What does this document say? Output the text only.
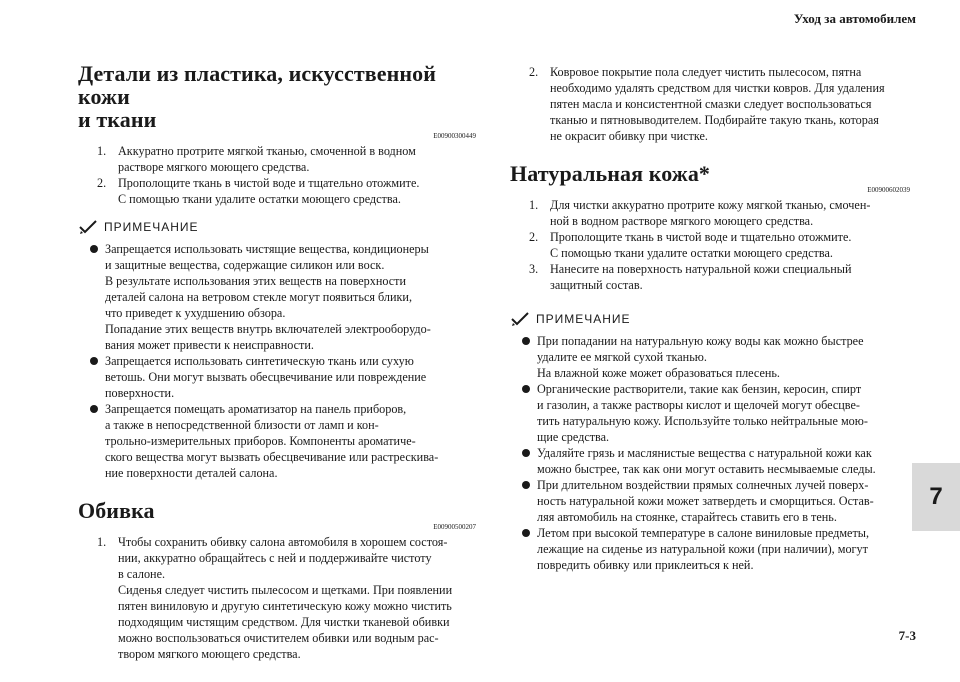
Уход за автомобилем
Детали из пластика, искусственной кожи
и ткани
E00900300449
1. Аккуратно протрите мягкой тканью, смоченной в водном
растворе мягкого моющего средства.
2. Прополощите ткань в чистой воде и тщательно отожмите.
С помощью ткани удалите остатки моющего средства.
ПРИМЕЧАНИЕ
Запрещается использовать чистящие вещества, кондиционеры
и защитные вещества, содержащие силикон или воск.
В результате использования этих веществ на поверхности
деталей салона на ветровом стекле могут появиться блики,
что приведет к ухудшению обзора.
Попадание этих веществ внутрь включателей электрооборудо-
вания может привести к неисправности.
Запрещается использовать синтетическую ткань или сухую
ветошь. Они могут вызвать обесцвечивание или повреждение
поверхности.
Запрещается помещать ароматизатор на панель приборов,
а также в непосредственной близости от ламп и кон-
трольно-измерительных приборов. Компоненты ароматиче-
ского вещества могут вызвать обесцвечивание или растрескива-
ние поверхности деталей салона.
Обивка
E00900500207
1. Чтобы сохранить обивку салона автомобиля в хорошем состоя-
нии, аккуратно обращайтесь с ней и поддерживайте чистоту
в салоне.
Сиденья следует чистить пылесосом и щетками. При появлении
пятен виниловую и другую синтетическую кожу можно чистить
подходящим чистящим средством. Для чистки тканевой обивки
можно воспользоваться очистителем обивки или водным рас-
твором мягкого моющего средства.
2. Ковровое покрытие пола следует чистить пылесосом, пятна
необходимо удалять средством для чистки ковров. Для удаления
пятен масла и консистентной смазки следует воспользоваться
тканью и пятновыводителем. Подбирайте такую ткань, которая
не окрасит обивку при чистке.
Натуральная кожа*
E00900602039
1. Для чистки аккуратно протрите кожу мягкой тканью, смочен-
ной в водном растворе мягкого моющего средства.
2. Прополощите ткань в чистой воде и тщательно отожмите.
С помощью ткани удалите остатки моющего средства.
3. Нанесите на поверхность натуральной кожи специальный
защитный состав.
ПРИМЕЧАНИЕ
При попадании на натуральную кожу воды как можно быстрее
удалите ее мягкой сухой тканью.
На влажной коже может образоваться плесень.
Органические растворители, такие как бензин, керосин, спирт
и газолин, а также растворы кислот и щелочей могут обесцве-
тить натуральную кожу. Используйте только нейтральные мою-
щие средства.
Удаляйте грязь и маслянистые вещества с натуральной кожи как
можно быстрее, так как они могут оставить несмываемые следы.
При длительном воздействии прямых солнечных лучей поверх-
ность натуральной кожи может затвердеть и сморщиться. Остав-
ляя автомобиль на стоянке, старайтесь ставить его в тень.
Летом при высокой температуре в салоне виниловые предметы,
лежащие на сиденье из натуральной кожи (при наличии), могут
повредить обивку или приклеиться к ней.
7
7-3
